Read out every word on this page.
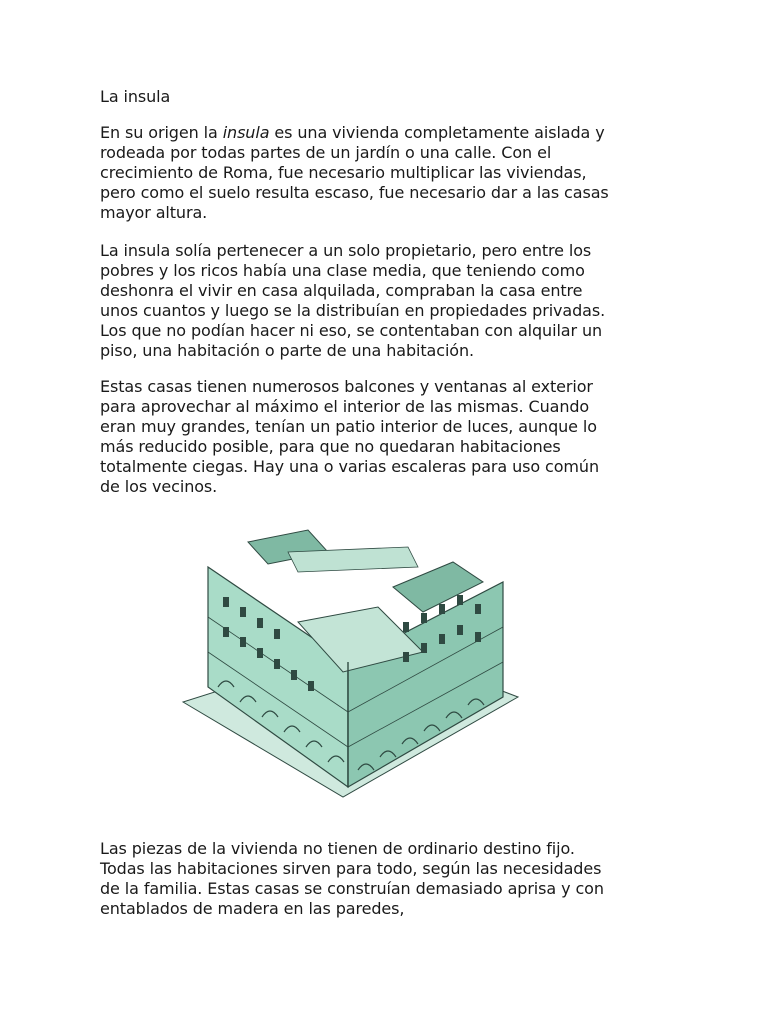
La insula

En su origen la insula es una vivienda completamente aislada y rodeada por todas partes de un jardín o una calle. Con el crecimiento de Roma, fue necesario multiplicar las viviendas, pero como el suelo resulta escaso, fue necesario dar a las casas mayor altura.

La insula solía pertenecer a un solo propietario, pero entre los pobres y los ricos había una clase media, que teniendo como deshonra el vivir en casa alquilada, compraban la casa entre unos cuantos y luego se la distribuían en propiedades privadas. Los que no podían hacer ni eso, se contentaban con alquilar un piso, una habitación o parte de una habitación.

Estas casas tienen numerosos balcones y ventanas al exterior para aprovechar al máximo el interior de las mismas. Cuando eran muy grandes, tenían un patio interior de luces, aunque lo más reducido posible, para que no quedaran habitaciones totalmente ciegas. Hay una o varias escaleras para uso común de los vecinos.

Las piezas de la vivienda no tienen de ordinario destino fijo. Todas las habitaciones sirven para todo, según las necesidades de la familia. Estas casas se construían demasiado aprisa y con entablados de madera en las paredes,
